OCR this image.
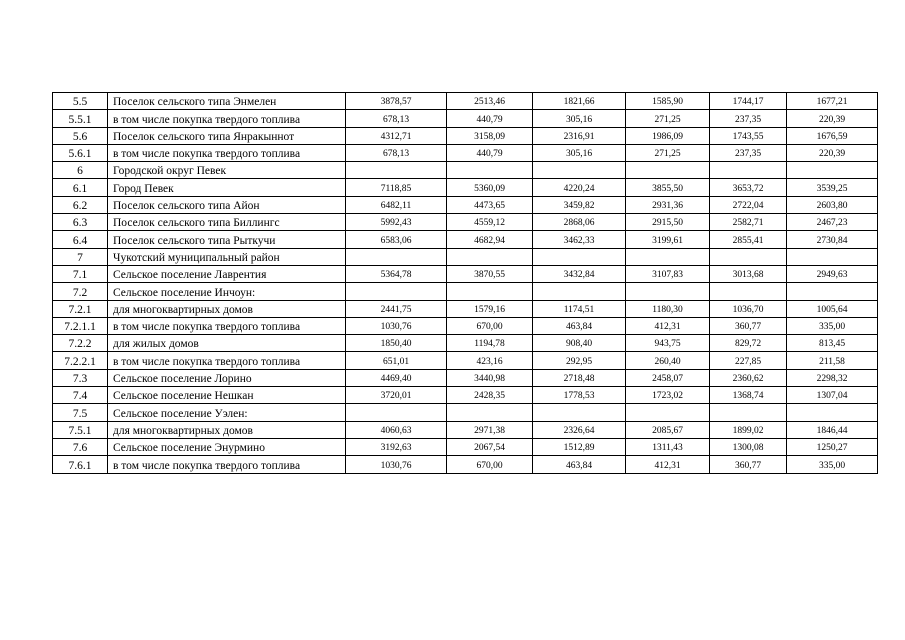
5.5	Поселок сельского типа Энмелен	3878,57	2513,46	1821,66	1585,90	1744,17	1677,21
5.5.1	в том числе покупка твердого топлива	678,13	440,79	305,16	271,25	237,35	220,39
5.6	Поселок сельского типа Янракыннот	4312,71	3158,09	2316,91	1986,09	1743,55	1676,59
5.6.1	в том числе покупка твердого топлива	678,13	440,79	305,16	271,25	237,35	220,39
6	Городской округ Певек						
6.1	Город Певек	7118,85	5360,09	4220,24	3855,50	3653,72	3539,25
6.2	Поселок сельского типа Айон	6482,11	4473,65	3459,82	2931,36	2722,04	2603,80
6.3	Поселок сельского типа Биллингс	5992,43	4559,12	2868,06	2915,50	2582,71	2467,23
6.4	Поселок сельского типа Рыткучи	6583,06	4682,94	3462,33	3199,61	2855,41	2730,84
7	Чукотский муниципальный район						
7.1	Сельское поселение Лаврентия	5364,78	3870,55	3432,84	3107,83	3013,68	2949,63
7.2	Сельское поселение Инчоун:						
7.2.1	для многоквартирных домов	2441,75	1579,16	1174,51	1180,30	1036,70	1005,64
7.2.1.1	в том числе покупка твердого топлива	1030,76	670,00	463,84	412,31	360,77	335,00
7.2.2	для жилых домов	1850,40	1194,78	908,40	943,75	829,72	813,45
7.2.2.1	в том числе покупка твердого топлива	651,01	423,16	292,95	260,40	227,85	211,58
7.3	Сельское поселение Лорино	4469,40	3440,98	2718,48	2458,07	2360,62	2298,32
7.4	Сельское поселение Нешкан	3720,01	2428,35	1778,53	1723,02	1368,74	1307,04
7.5	Сельское поселение Уэлен:						
7.5.1	для многоквартирных домов	4060,63	2971,38	2326,64	2085,67	1899,02	1846,44
7.6	Сельское поселение Энурмино	3192,63	2067,54	1512,89	1311,43	1300,08	1250,27
7.6.1	в том числе покупка твердого топлива	1030,76	670,00	463,84	412,31	360,77	335,00
